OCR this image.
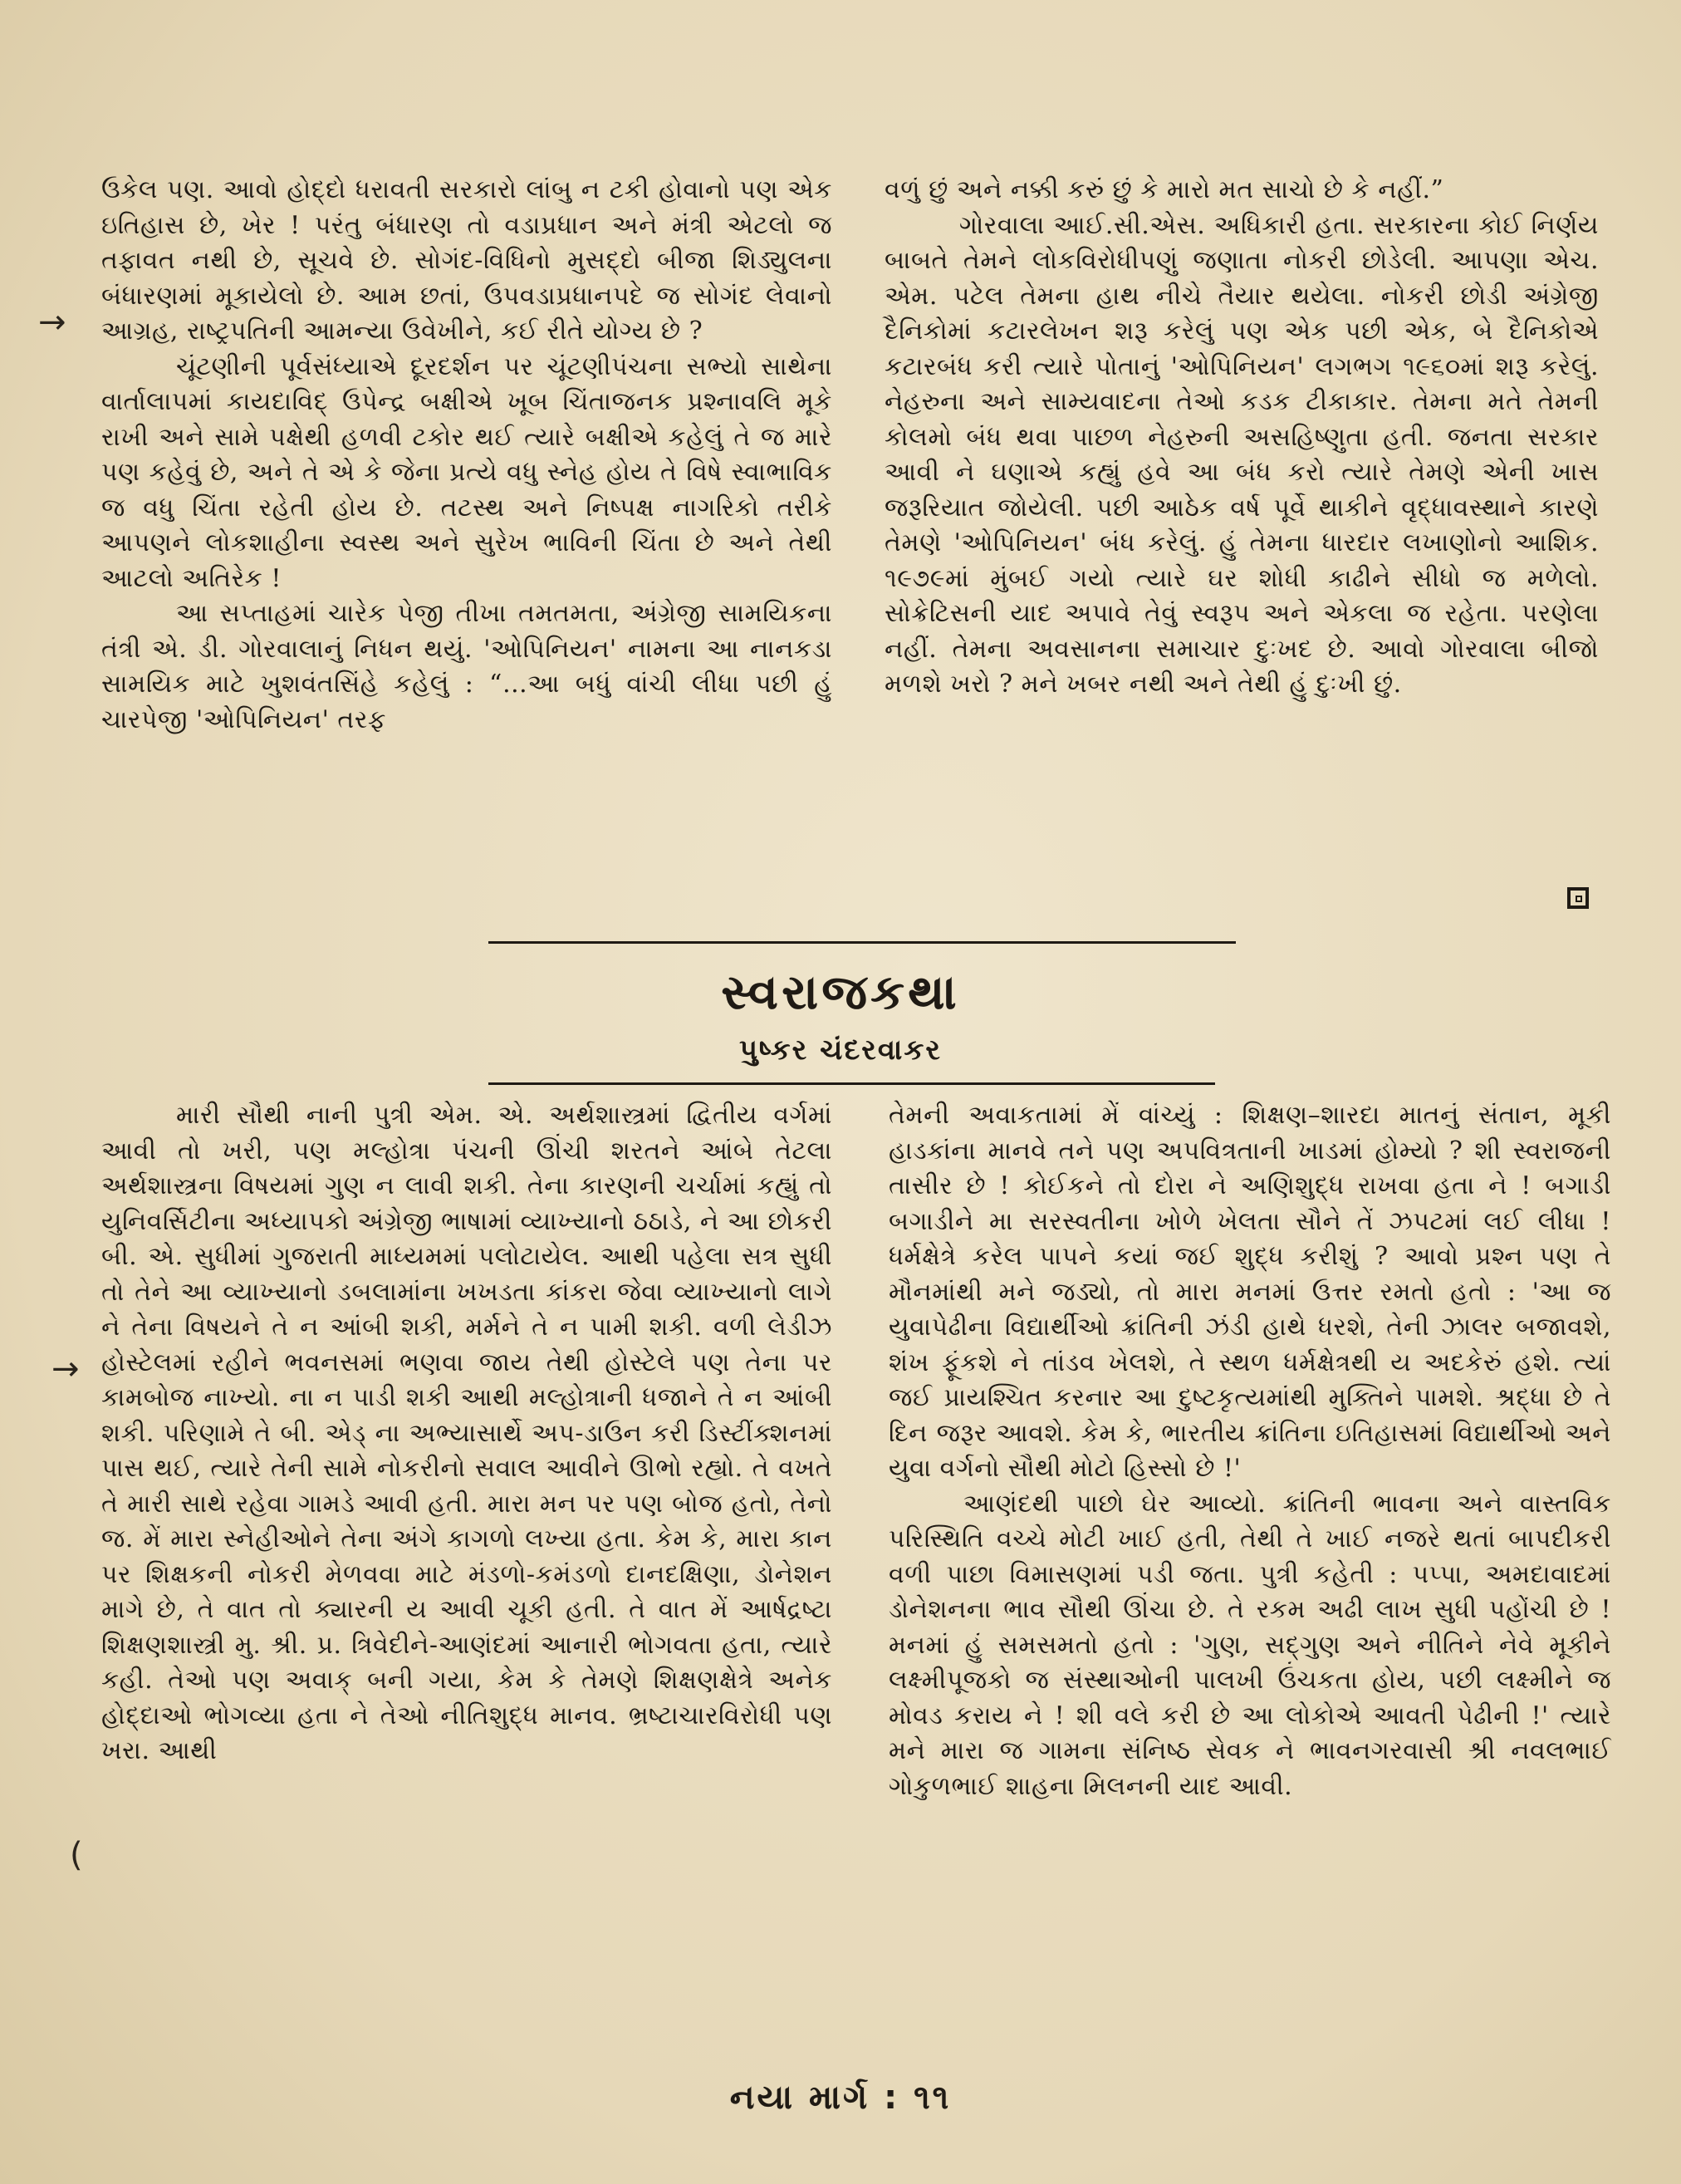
→
→
(

ઉકેલ પણ. આવો હોદ્દો ધરાવતી સરકારો લાંબુ ન ટકી હોવાનો પણ એક ઇતિહાસ છે, ખેર ! પરંતુ બંધારણ તો વડાપ્રધાન અને મંત્રી એટલો જ તફાવત નથી છે, સૂચવે છે. સોગંદ-વિધિનો મુસદ્દો બીજા શિડ્યુલના બંધારણમાં મૂકાયેલો છે. આમ છતાં, ઉપવડાપ્રધાનપદે જ સોગંદ લેવાનો આગ્રહ, રાષ્ટ્રપતિની આમન્યા ઉવેખીને, કઈ રીતે યોગ્ય છે ?

ચૂંટણીની પૂર્વસંધ્યાએ દૂરદર્શન પર ચૂંટણીપંચના સભ્યો સાથેના વાર્તાલાપમાં કાયદાવિદ્ ઉપેન્દ્ર બક્ષીએ ખૂબ ચિંતાજનક પ્રશ્નાવલિ મૂકે રાખી અને સામે પક્ષેથી હળવી ટકોર થઈ ત્યારે બક્ષીએ કહેલું તે જ મારે પણ કહેવું છે, અને તે એ કે જેના પ્રત્યે વધુ સ્નેહ હોય તે વિષે સ્વાભાવિક જ વધુ ચિંતા રહેતી હોય છે. તટસ્થ અને નિષ્પક્ષ નાગરિકો તરીકે આપણને લોકશાહીના સ્વસ્થ અને સુરેખ ભાવિની ચિંતા છે અને તેથી આટલો અતિરેક !

આ સપ્તાહમાં ચારેક પેજી તીખા તમતમતા, અંગ્રેજી સામયિકના તંત્રી એ. ડી. ગોરવાલાનું નિધન થયું. 'ઓપિનિયન' નામના આ નાનકડા સામયિક માટે ખુશવંતસિંહે કહેલું : “…આ બધું વાંચી લીધા પછી હું ચારપેજી 'ઓપિનિયન' તરફ

વળું છું અને નક્કી કરું છું કે મારો મત સાચો છે કે નહીં.”

ગોરવાલા આઈ.સી.એસ. અધિકારી હતા. સરકારના કોઈ નિર્ણય બાબતે તેમને લોકવિરોધીપણું જણાતા નોકરી છોડેલી. આપણા એચ. એમ. પટેલ તેમના હાથ નીચે તૈયાર થયેલા. નોકરી છોડી અંગ્રેજી દૈનિકોમાં કટારલેખન શરૂ કરેલું પણ એક પછી એક, બે દૈનિકોએ કટારબંધ કરી ત્યારે પોતાનું 'ઓપિનિયન' લગભગ ૧૯૬૦માં શરૂ કરેલું. નેહરુના અને સામ્યવાદના તેઓ કડક ટીકાકાર. તેમના મતે તેમની કોલમો બંધ થવા પાછળ નેહરુની અસહિષ્ણુતા હતી. જનતા સરકાર આવી ને ઘણાએ કહ્યું હવે આ બંધ કરો ત્યારે તેમણે એની ખાસ જરૂરિયાત જોયેલી. પછી આઠેક વર્ષ પૂર્વે થાકીને વૃદ્ધાવસ્થાને કારણે તેમણે 'ઓપિનિયન' બંધ કરેલું. હું તેમના ધારદાર લખાણોનો આશિક. ૧૯૭૯માં મુંબઈ ગયો ત્યારે ઘર શોધી કાઢીને સીધો જ મળેલો. સોક્રેટિસની યાદ અપાવે તેવું સ્વરૂપ અને એકલા જ રહેતા. પરણેલા નહીં. તેમના અવસાનના સમાચાર દુઃખદ છે. આવો ગોરવાલા બીજો મળશે ખરો ? મને ખબર નથી અને તેથી હું દુઃખી છું.

સ્વરાજકથા
પુષ્કર ચંદરવાકર

મારી સૌથી નાની પુત્રી એમ. એ. અર્થશાસ્ત્રમાં દ્વિતીય વર્ગમાં આવી તો ખરી, પણ મલ્હોત્રા પંચની ઊંચી શરતને આંબે તેટલા અર્થશાસ્ત્રના વિષયમાં ગુણ ન લાવી શકી. તેના કારણની ચર્ચામાં કહ્યું તો યુનિવર્સિટીના અધ્યાપકો અંગ્રેજી ભાષામાં વ્યાખ્યાનો ઠઠાડે, ને આ છોકરી બી. એ. સુધીમાં ગુજરાતી માધ્યમમાં પલોટાયેલ. આથી પહેલા સત્ર સુધી તો તેને આ વ્યાખ્યાનો ડબલામાંના ખખડતા કાંકરા જેવા વ્યાખ્યાનો લાગે ને તેના વિષયને તે ન આંબી શકી, મર્મને તે ન પામી શકી. વળી લેડીઝ હોસ્ટેલમાં રહીને ભવનસમાં ભણવા જાય તેથી હોસ્ટેલે પણ તેના પર કામબોજ નાખ્યો. ના ન પાડી શકી આથી મલ્હોત્રાની ધજાને તે ન આંબી શકી. પરિણામે તે બી. એડ્ ના અભ્યાસાર્થે અપ-ડાઉન કરી ડિસ્ટીંક્શનમાં પાસ થઈ, ત્યારે તેની સામે નોકરીનો સવાલ આવીને ઊભો રહ્યો. તે વખતે તે મારી સાથે રહેવા ગામડે આવી હતી. મારા મન પર પણ બોજ હતો, તેનો જ. મેં મારા સ્નેહીઓને તેના અંગે કાગળો લખ્યા હતા. કેમ કે, મારા કાન પર શિક્ષકની નોકરી મેળવવા માટે મંડળો-કમંડળો દાનદક્ષિણા, ડોનેશન માગે છે, તે વાત તો ક્યારની ય આવી ચૂકી હતી. તે વાત મેં આર્ષદ્રષ્ટા શિક્ષણશાસ્ત્રી મુ. શ્રી. પ્ર. ત્રિવેદીને-આણંદમાં આનારી ભોગવતા હતા, ત્યારે કહી. તેઓ પણ અવાક્ બની ગયા, કેમ કે તેમણે શિક્ષણક્ષેત્રે અનેક હોદ્દાઓ ભોગવ્યા હતા ને તેઓ નીતિશુદ્ધ માનવ. ભ્રષ્ટાચારવિરોધી પણ ખરા. આથી

તેમની અવાકતામાં મેં વાંચ્યું : શિક્ષણ–શારદા માતનું સંતાન, મૂકી હાડકાંના માનવે તને પણ અપવિત્રતાની ખાડમાં હોમ્યો ? શી સ્વરાજની તાસીર છે ! કોઈકને તો દોરા ને અણિશુદ્ધ રાખવા હતા ને ! બગાડી બગાડીને મા સરસ્વતીના ખોળે ખેલતા સૌને તેં ઝપટમાં લઈ લીધા ! ધર્મક્ષેત્રે કરેલ પાપને કયાં જઈ શુદ્ધ કરીશું ? આવો પ્રશ્ન પણ તે મૌનમાંથી મને જડ્યો, તો મારા મનમાં ઉત્તર રમતો હતો : 'આ જ યુવાપેઢીના વિદ્યાર્થીઓ ક્રાંતિની ઝંડી હાથે ધરશે, તેની ઝાલર બજાવશે, શંખ ફૂંકશે ને તાંડવ ખેલશે, તે સ્થળ ધર્મક્ષેત્રથી ય અદકેરું હશે. ત્યાં જઈ પ્રાયશ્ચિત કરનાર આ દુષ્ટકૃત્યમાંથી મુક્તિને પામશે. શ્રદ્ધા છે તે દિન જરૂર આવશે. કેમ કે, ભારતીય ક્રાંતિના ઇતિહાસમાં વિદ્યાર્થીઓ અને યુવા વર્ગનો સૌથી મોટો હિસ્સો છે !'

આણંદથી પાછો ઘેર આવ્યો. ક્રાંતિની ભાવના અને વાસ્તવિક પરિસ્થિતિ વચ્ચે મોટી ખાઈ હતી, તેથી તે ખાઈ નજરે થતાં બાપદીકરી વળી પાછા વિમાસણમાં પડી જતા. પુત્રી કહેતી : પપ્પા, અમદાવાદમાં ડોનેશનના ભાવ સૌથી ઊંચા છે. તે રકમ અઢી લાખ સુધી પહોંચી છે ! મનમાં હું સમસમતો હતો : 'ગુણ, સદ્ગુણ અને નીતિને નેવે મૂકીને લક્ષ્મીપૂજકો જ સંસ્થાઓની પાલખી ઉંચકતા હોય, પછી લક્ષ્મીને જ મોવડ કરાય ને ! શી વલે કરી છે આ લોકોએ આવતી પેઢીની !' ત્યારે મને મારા જ ગામના સંનિષ્ઠ સેવક ને ભાવનગરવાસી શ્રી નવલભાઈ ગોકુળભાઈ શાહના મિલનની યાદ આવી.

નયા માર્ગ : ૧૧
